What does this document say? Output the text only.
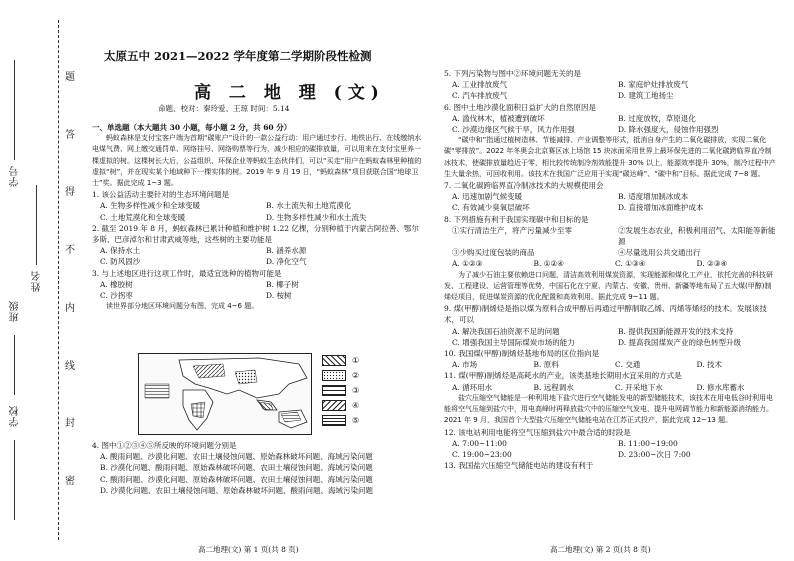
学校
班级
姓名
学号
密
封
线
内
不
得
答
题
太原五中 2021—2022 学年度第二学期阶段性检测
高 二 地 理 (文)
命题、校对：秦玲爱、王琼 时间：5.14

一、单选题（本大题共 30 小题，每小题 2 分，共 60 分）

蚂蚁森林是支付宝客户端为首期“碳账户”设计的一款公益行动：用户通过步行、地铁出行、在线缴纳水电煤气费、网上缴交通罚单、网络挂号、网络购票等行为，减少相应的碳排放量，可以用来在支付宝里养一棵虚拟的树。这棵树长大后，公益组织、环保企业等蚂蚁生态伙伴们，可以“买走”用户在蚂蚁森林里种植的虚拟“树”，并在现实某个地域种下一棵实体的树。2019 年 9 月 19 日，“蚂蚁森林”项目获联合国“地球卫士”奖。据此完成 1~3 题。

1. 该公益活动主要针对的生态环境问题是

A. 生物多样性减少和全球变暖	B. 水土流失和土地荒漠化
C. 土地荒漠化和全球变暖	D. 生物多样性减少和水土流失

2. 截至 2019 年 8 月，蚂蚁森林已累计种植和维护树 1.22 亿棵，分别种植于内蒙古阿拉善、鄂尔多斯、巴彦淖尔和甘肃武威等地，这些树的主要功能是

A. 保持水土	B. 涵养水源
C. 防风固沙	D. 净化空气

3. 与上述地区进行这项工作时，最适宜选种的植物可能是

A. 橡胶树	B. 椰子树
C. 沙拐枣	D. 桉树

读世界部分地区环境问题分布图，完成 4~6 题。

①
②
③
④
⑤

4. 图中①②③④⑤所反映的环境问题分别是

A. 酸雨问题、沙漠化问题、农田土壤侵蚀问题、原始森林破坏问题、海域污染问题
B. 沙漠化问题、酸雨问题、原始森林破坏问题、农田土壤侵蚀问题、海域污染问题
C. 酸雨问题、沙漠化问题、原始森林破坏问题、农田土壤侵蚀问题、海域污染问题
D. 沙漠化问题、农田土壤侵蚀问题、原始森林破坏问题、酸雨问题、海域污染问题
高二地理(文) 第 1 页(共 8 页)

5. 下列污染物与图中②环境问题无关的是

A. 工业排放废气	B. 家庭炉灶排放废气
C. 汽车排放废气	D. 建筑工地扬尘

6. 图中土地沙漠化面积日益扩大的自然原因是

A. 滥伐林木，植被遭到破坏	B. 过度放牧，草原退化
C. 沙漠边缘区气候干旱，风力作用强	D. 降水强度大，侵蚀作用强烈

“碳中和”指通过植树造林、节能减排、产业调整等形式，抵消自身产生的二氧化碳排放，实现二氧化碳“零排放”。2022 年冬奥会北京赛区冰上场馆 15 块冰面采用世界上最环保先进的二氧化碳跨临界直冷制冰技术，使碳排放量趋近于零，相比较传统制冷剂效能提升 30% 以上，能源效率提升 30%，制冷过程中产生大量余热，可回收利用。该技术在我国广泛应用于实现“碳达峰”、“碳中和”目标。据此完成 7~8 题。

7. 二氧化碳跨临界直冷制冰技术的大规模使用会

A. 迅速加剧气候变暖	B. 适度增加制冰成本
C. 有效减少臭氧层破坏	D. 直接增加冰面维护成本

8. 下列措施有利于我国实现碳中和目标的是

①实行清洁生产，将产污量减少至零	②发展生态农业，积极利用沼气、太阳能等新能源
③少购买过度包装的商品	④尽量选用公共交通出行
A. ①②③	B. ①②④	C. ①③④	D. ②③④

为了减少石油主要依赖进口问题，清洁高效利用煤炭资源，实现能源和煤化工产业，依托完善的科技研发、工程建设、运营管理等优势，中国石化在宁夏、内蒙古、安徽、贵州、新疆等地布局了五大煤(甲醇)制烯烃项目，促进煤炭资源的优化配置和高效利用。据此完成 9~11 题。

9. 煤(甲醇)制烯烃是指以煤为原料合成甲醇后再通过甲醇制取乙烯、丙烯等烯烃的技术。发展该技术，可以

A. 解决我国石油资源不足的问题	B. 提供我国新能源开发的技术支持
C. 增强我国主导国际煤炭市场的能力	D. 提高我国煤炭产业的绿色转型升级

10. 我国煤(甲醇)制烯烃基地布局的区位指向是

A. 市场	B. 原料	C. 交通	D. 技术

11. 煤(甲醇)制烯烃是高耗水的产业，该类基地长期用水宜采用的方式是

A. 循环用水	B. 远程调水	C. 开采地下水	D. 修水库蓄水

盐穴压缩空气储能是一种利用地下盐穴进行空气储能发电的新型储能技术，该技术在用电低谷时利用电能将空气压缩到盐穴中，用电高峰时再释放盐穴中的压缩空气发电，提升电网调节能力和新能源消纳能力。2021 年 9 月，我国首个大型盐穴压缩空气储能电站在江苏正式投产，据此完成 12~13 题。

12. 该电站利用电能将空气压缩到盐穴中最合适的时段是

A. 7:00~11:00	B. 11:00~19:00
C. 19:00~23:00	D. 23:00~次日 7:00

13. 我国盐穴压缩空气储能电站的建设有利于

高二地理(文) 第 2 页(共 8 页)
